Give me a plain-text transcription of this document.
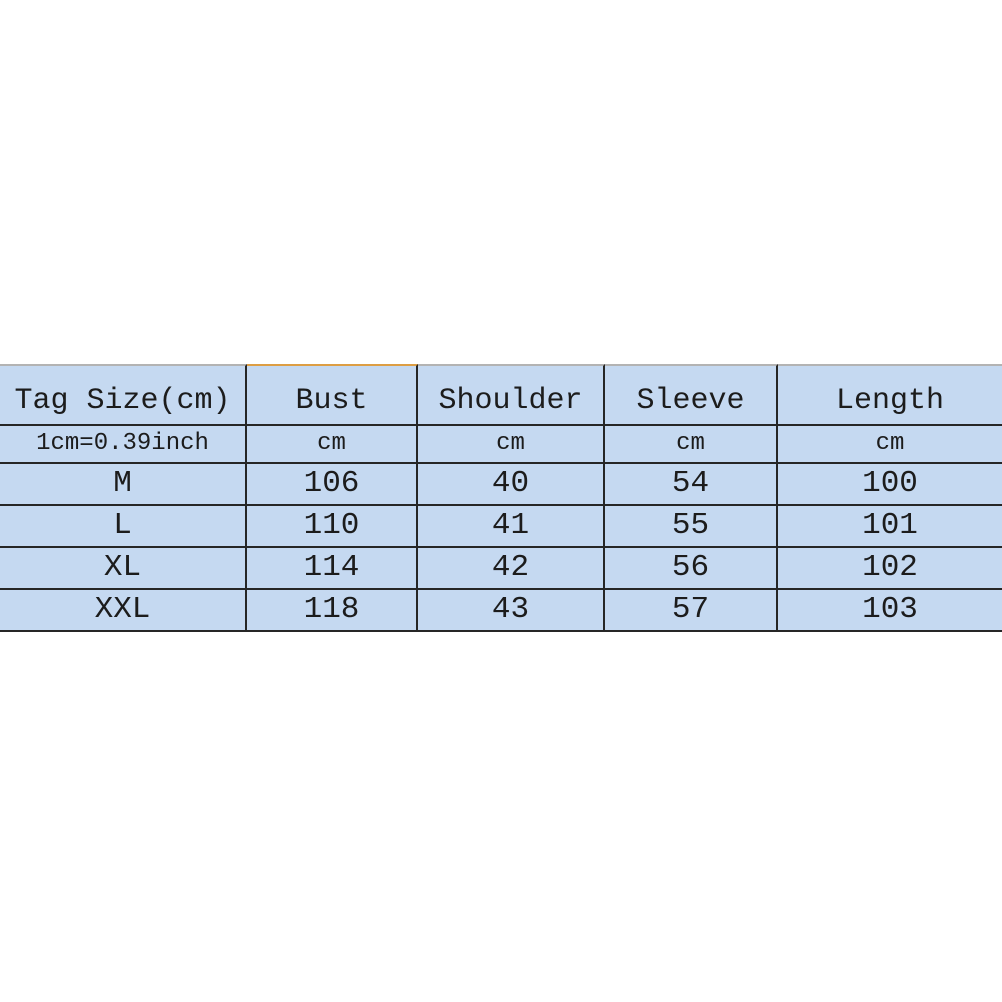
Tag Size(cm)	Bust	Shoulder	Sleeve	Length
1cm=0.39inch	cm	cm	cm	cm
M	106	40	54	100
L	110	41	55	101
XL	114	42	56	102
XXL	118	43	57	103
